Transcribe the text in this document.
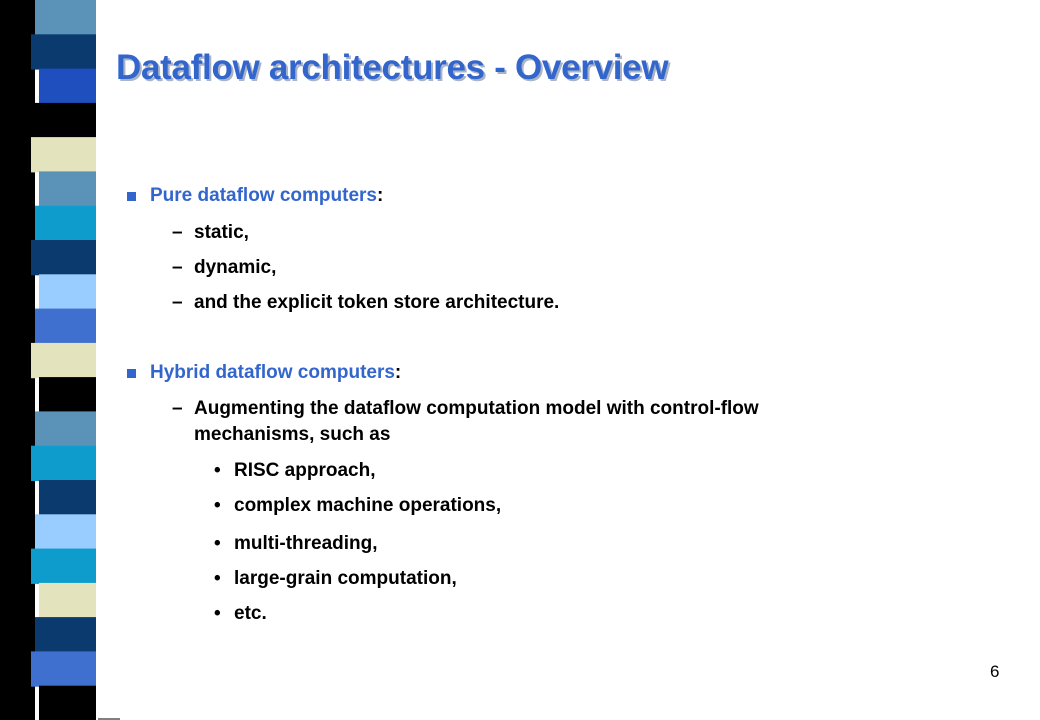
Dataflow architectures - Overview
Pure dataflow computers:
– static,
– dynamic,
– and the explicit token store architecture.
Hybrid dataflow computers:
– Augmenting the dataflow computation model with control-flow
mechanisms, such as
• RISC approach,
• complex machine operations,
• multi-threading,
• large-grain computation,
• etc.
6
